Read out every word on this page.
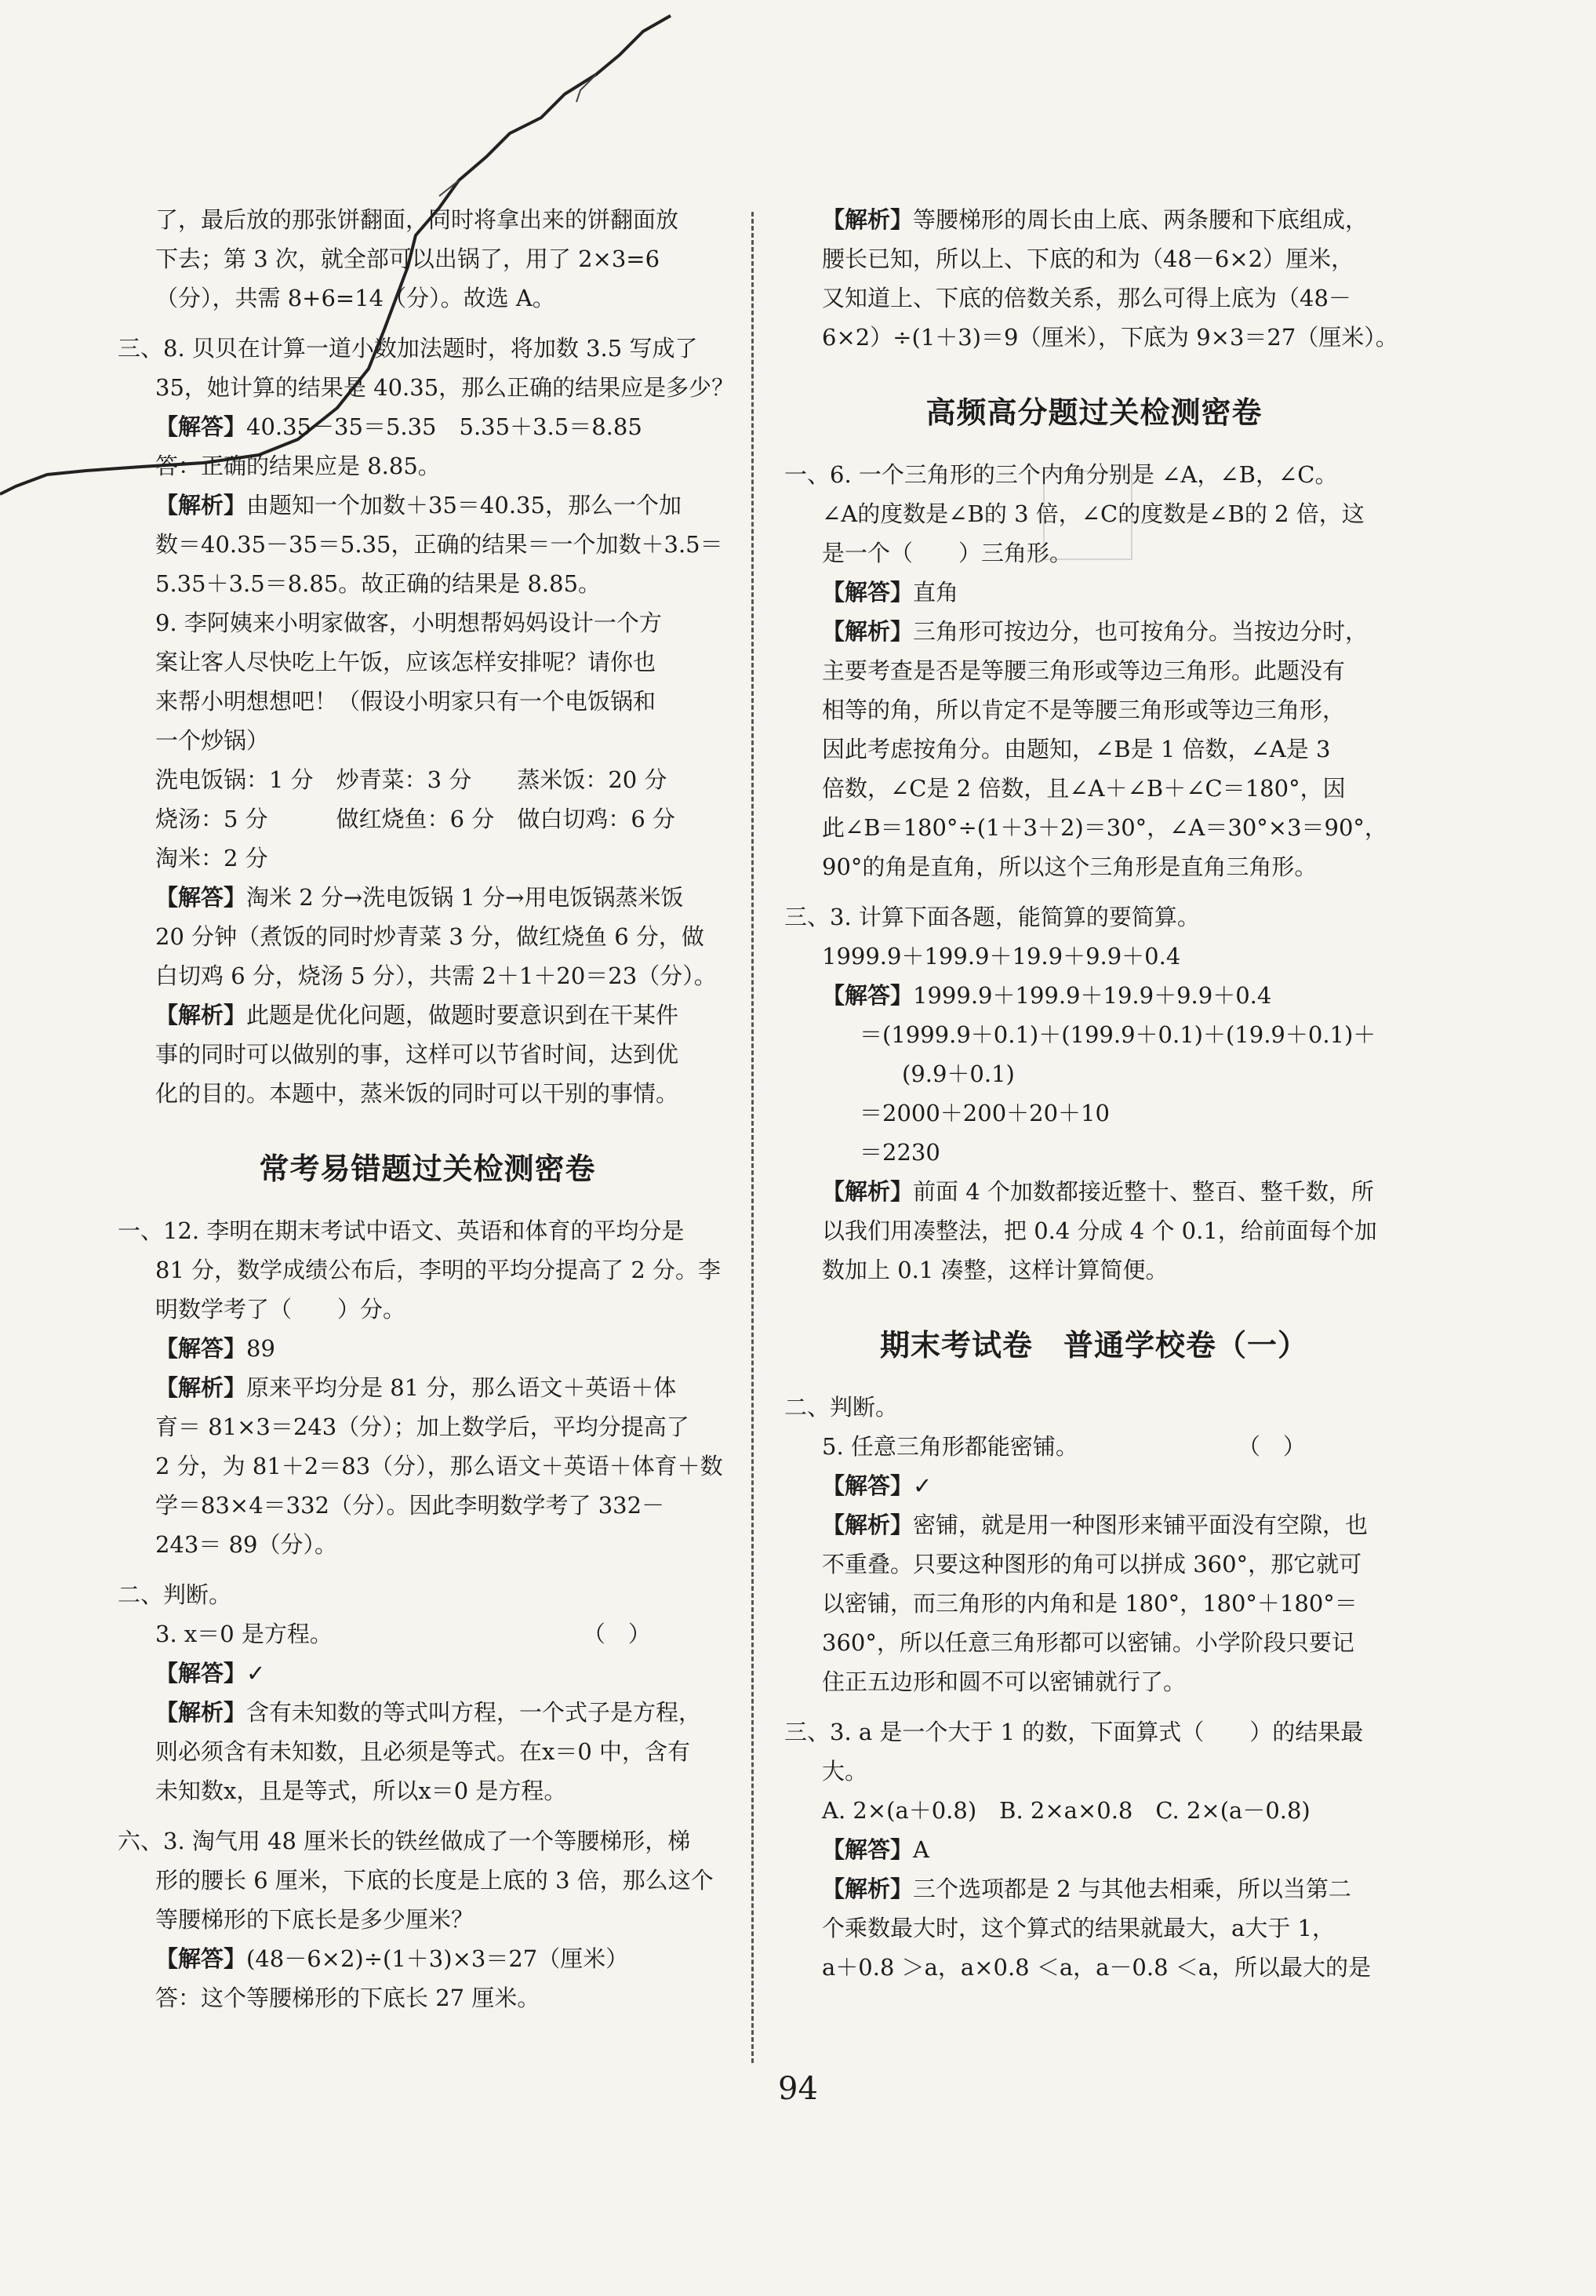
了，最后放的那张饼翻面，同时将拿出来的饼翻面放
下去；第 3 次，就全部可以出锅了，用了 2×3=6
（分），共需 8+6=14（分）。故选 A。
三、8. 贝贝在计算一道小数加法题时，将加数 3.5 写成了
35，她计算的结果是 40.35，那么正确的结果应是多少？
【解答】40.35－35＝5.35　5.35＋3.5＝8.85
答：正确的结果应是 8.85。
【解析】由题知一个加数＋35＝40.35，那么一个加
数＝40.35－35＝5.35，正确的结果＝一个加数＋3.5＝
5.35＋3.5＝8.85。故正确的结果是 8.85。
9. 李阿姨来小明家做客，小明想帮妈妈设计一个方
案让客人尽快吃上午饭，应该怎样安排呢？请你也
来帮小明想想吧！（假设小明家只有一个电饭锅和
一个炒锅）
洗电饭锅：1 分　炒青菜：3 分　　蒸米饭：20 分
烧汤：5 分　　　做红烧鱼：6 分　做白切鸡：6 分
淘米：2 分
【解答】淘米 2 分→洗电饭锅 1 分→用电饭锅蒸米饭
20 分钟（煮饭的同时炒青菜 3 分，做红烧鱼 6 分，做
白切鸡 6 分，烧汤 5 分），共需 2＋1＋20＝23（分）。
【解析】此题是优化问题，做题时要意识到在干某件
事的同时可以做别的事，这样可以节省时间，达到优
化的目的。本题中，蒸米饭的同时可以干别的事情。
常考易错题过关检测密卷
一、12. 李明在期末考试中语文、英语和体育的平均分是
81 分，数学成绩公布后，李明的平均分提高了 2 分。李
明数学考了（　　）分。
【解答】89
【解析】原来平均分是 81 分，那么语文＋英语＋体
育＝ 81×3＝243（分）；加上数学后，平均分提高了
2 分，为 81＋2＝83（分），那么语文＋英语＋体育＋数
学＝83×4＝332（分）。因此李明数学考了 332－
243＝ 89（分）。
二、判断。
3. x＝0 是方程。　　　　　　　　　　　　（　）
【解答】✓
【解析】含有未知数的等式叫方程，一个式子是方程，
则必须含有未知数，且必须是等式。在x＝0 中，含有
未知数x，且是等式，所以x＝0 是方程。
六、3. 淘气用 48 厘米长的铁丝做成了一个等腰梯形，梯
形的腰长 6 厘米，下底的长度是上底的 3 倍，那么这个
等腰梯形的下底长是多少厘米？
【解答】(48－6×2)÷(1＋3)×3＝27（厘米）
答：这个等腰梯形的下底长 27 厘米。
【解析】等腰梯形的周长由上底、两条腰和下底组成，
腰长已知，所以上、下底的和为（48－6×2）厘米，
又知道上、下底的倍数关系，那么可得上底为（48－
6×2）÷(1＋3)＝9（厘米），下底为 9×3＝27（厘米）。
高频高分题过关检测密卷
一、6. 一个三角形的三个内角分别是 ∠A，∠B，∠C。
∠A的度数是∠B的 3 倍，∠C的度数是∠B的 2 倍，这
是一个（　　）三角形。
【解答】直角
【解析】三角形可按边分，也可按角分。当按边分时，
主要考查是否是等腰三角形或等边三角形。此题没有
相等的角，所以肯定不是等腰三角形或等边三角形，
因此考虑按角分。由题知，∠B是 1 倍数，∠A是 3
倍数，∠C是 2 倍数，且∠A＋∠B＋∠C＝180°，因
此∠B＝180°÷(1＋3＋2)＝30°，∠A＝30°×3＝90°，
90°的角是直角，所以这个三角形是直角三角形。
三、3. 计算下面各题，能简算的要简算。
1999.9＋199.9＋19.9＋9.9＋0.4
【解答】1999.9＋199.9＋19.9＋9.9＋0.4
＝(1999.9＋0.1)＋(199.9＋0.1)＋(19.9＋0.1)＋
(9.9＋0.1)
＝2000＋200＋20＋10
＝2230
【解析】前面 4 个加数都接近整十、整百、整千数，所
以我们用凑整法，把 0.4 分成 4 个 0.1，给前面每个加
数加上 0.1 凑整，这样计算简便。
期末考试卷　普通学校卷（一）
二、判断。
5. 任意三角形都能密铺。　　　　　　　　（　）
【解答】✓
【解析】密铺，就是用一种图形来铺平面没有空隙，也
不重叠。只要这种图形的角可以拼成 360°，那它就可
以密铺，而三角形的内角和是 180°，180°＋180°＝
360°，所以任意三角形都可以密铺。小学阶段只要记
住正五边形和圆不可以密铺就行了。
三、3. a 是一个大于 1 的数，下面算式（　　）的结果最
大。
A. 2×(a＋0.8)　B. 2×a×0.8　C. 2×(a－0.8)
【解答】A
【解析】三个选项都是 2 与其他去相乘，所以当第二
个乘数最大时，这个算式的结果就最大，a大于 1，
a＋0.8 ＞a，a×0.8 ＜a，a－0.8 ＜a，所以最大的是
94
